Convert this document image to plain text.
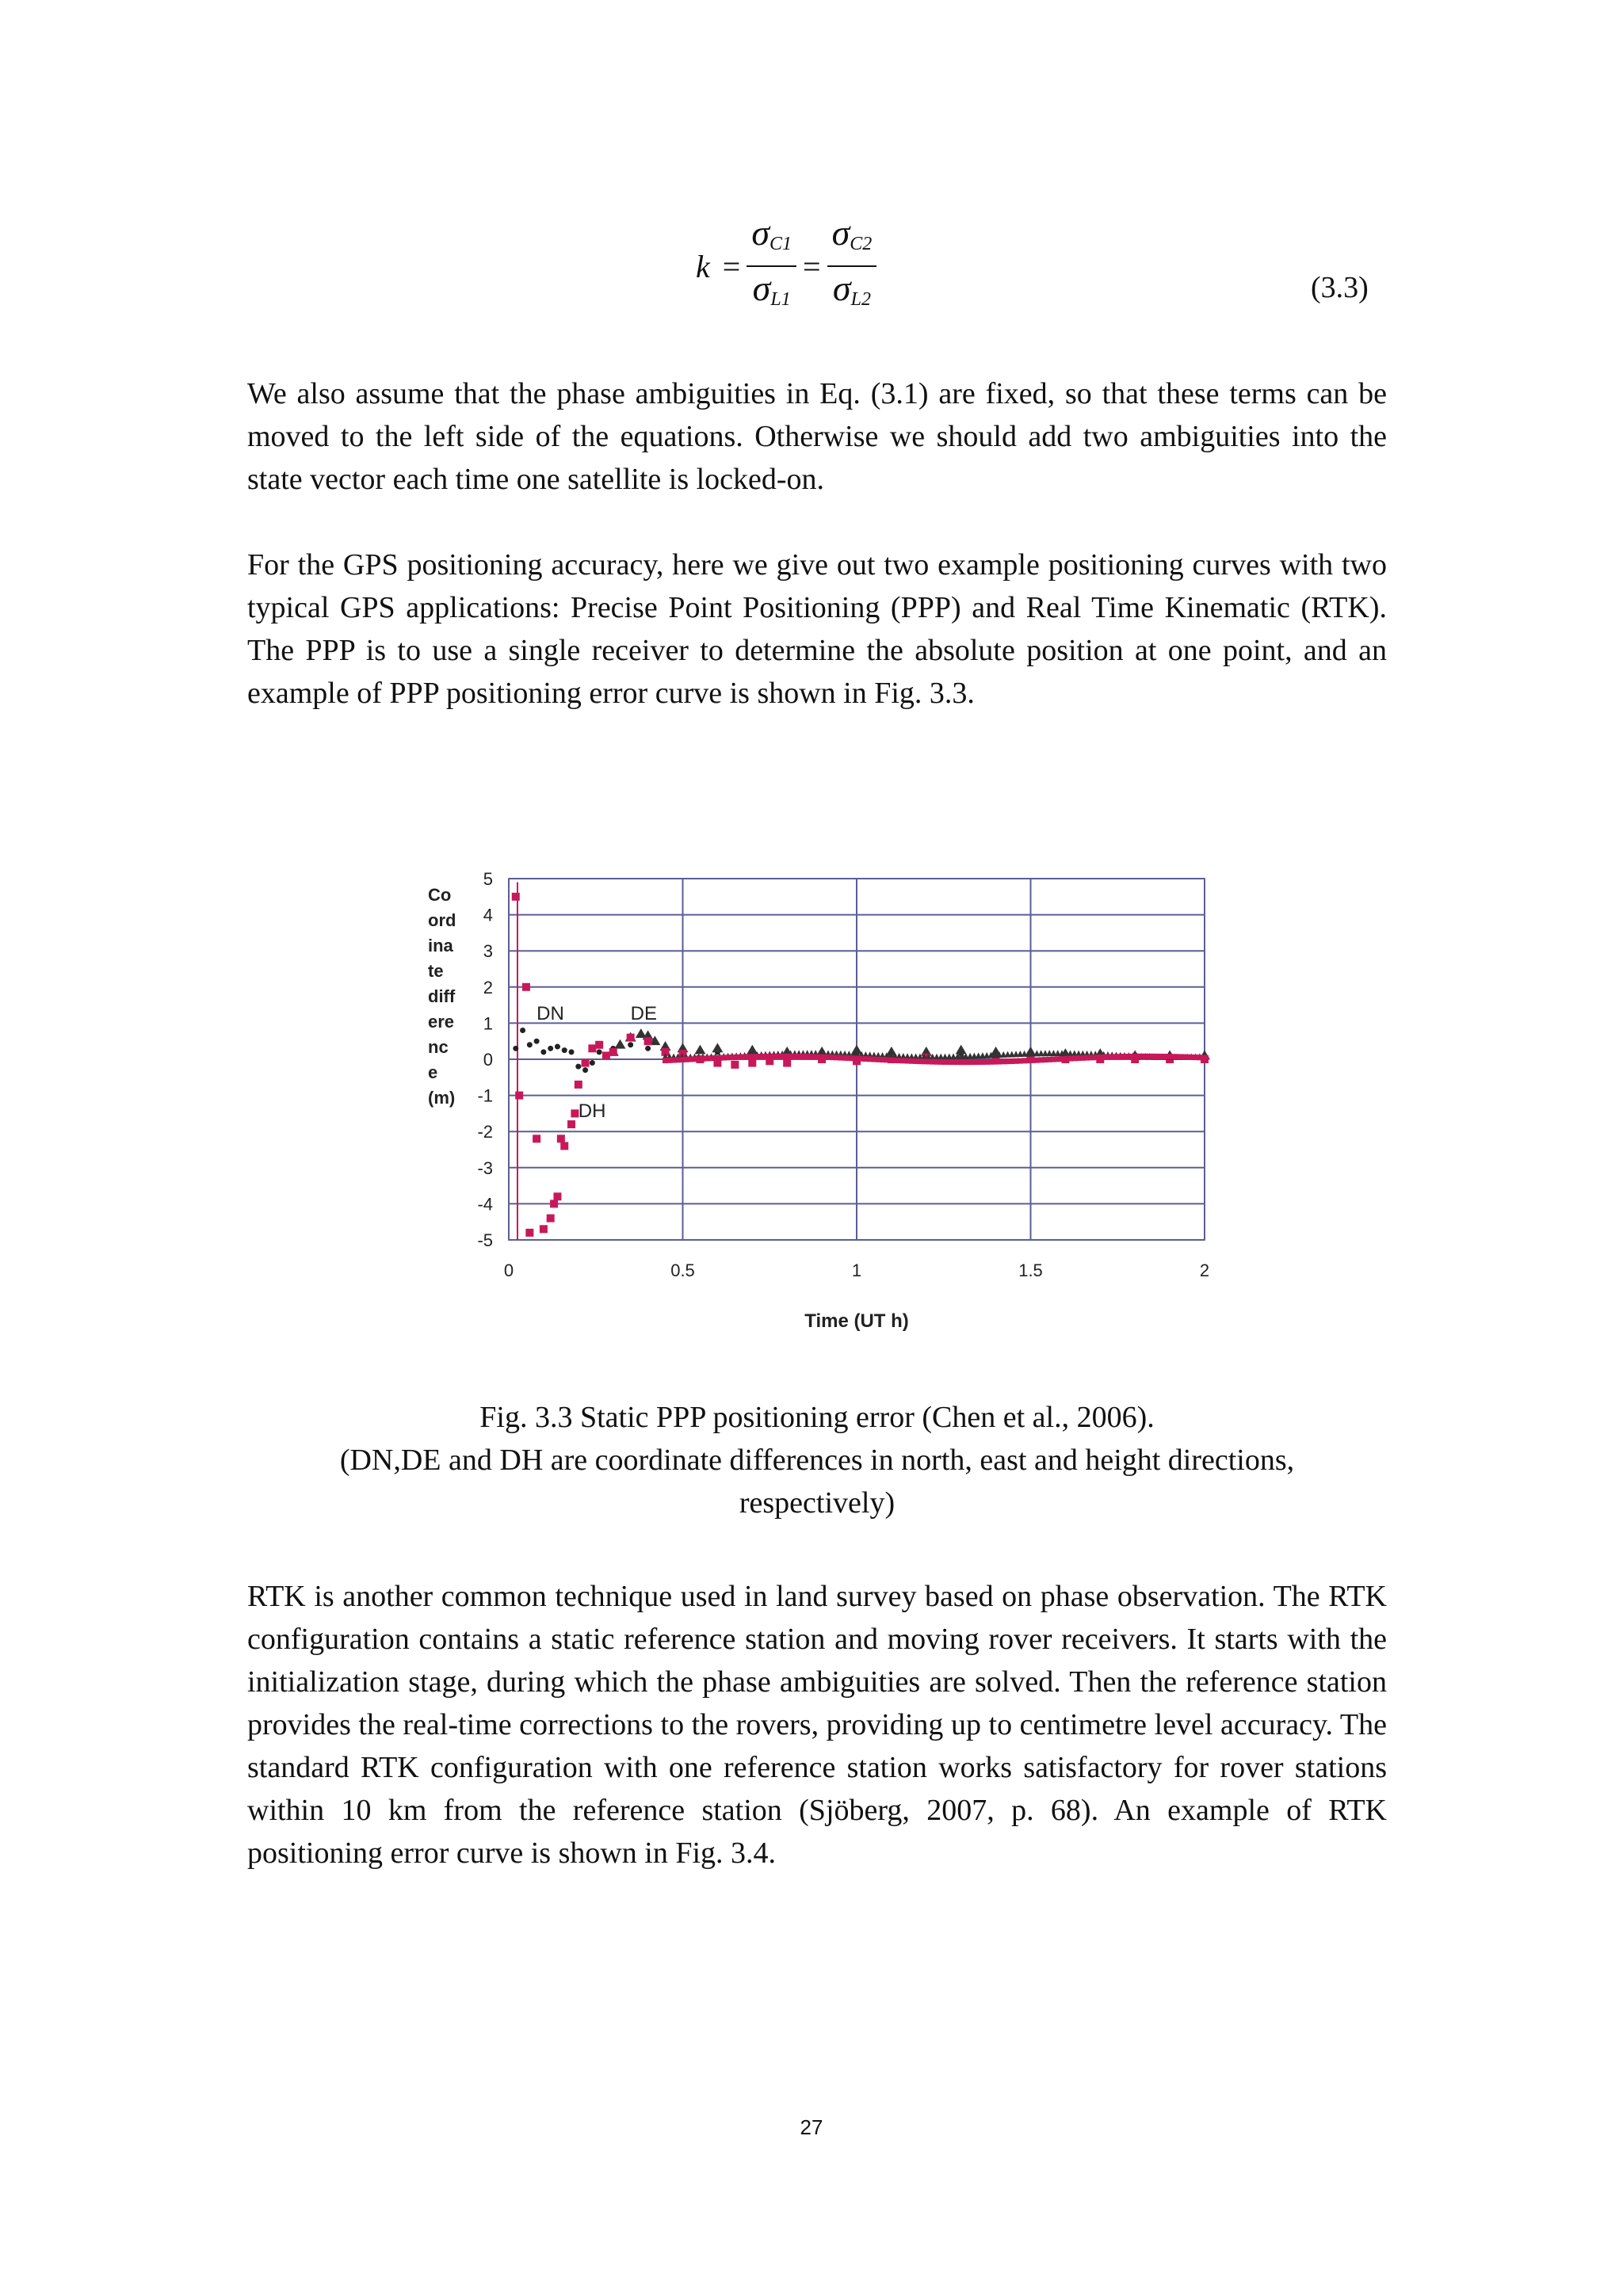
$k = \frac{\sigma_{C1}}{\sigma_{L1}} = \frac{\sigma_{C2}}{\sigma_{L2}}$	(3.3)

We also assume that the phase ambiguities in Eq. (3.1) are fixed, so that these terms can be moved to the left side of the equations. Otherwise we should add two ambiguities into the state vector each time one satellite is locked-on.

For the GPS positioning accuracy, here we give out two example positioning curves with two typical GPS applications: Precise Point Positioning (PPP) and Real Time Kinematic (RTK). The PPP is to use a single receiver to determine the absolute position at one point, and an example of PPP positioning error curve is shown in Fig. 3.3.

5
4
3
2
1
0
-1
-2
-3
-4
-5
0	0.5	1	1.5	2
Co
ord
ina
te
diff
ere
nc
e
(m)
Time (UT h)
DN	DE
DH
Fig. 3.3 Static PPP positioning error (Chen et al., 2006).
(DN,DE and DH are coordinate differences in north, east and height directions,
respectively)

RTK is another common technique used in land survey based on phase observation. The RTK configuration contains a static reference station and moving rover receivers. It starts with the initialization stage, during which the phase ambiguities are solved. Then the reference station provides the real-time corrections to the rovers, providing up to centimetre level accuracy. The standard RTK configuration with one reference station works satisfactory for rover stations within 10 km from the reference station (Sjöberg, 2007, p. 68). An example of RTK positioning error curve is shown in Fig. 3.4.

27
